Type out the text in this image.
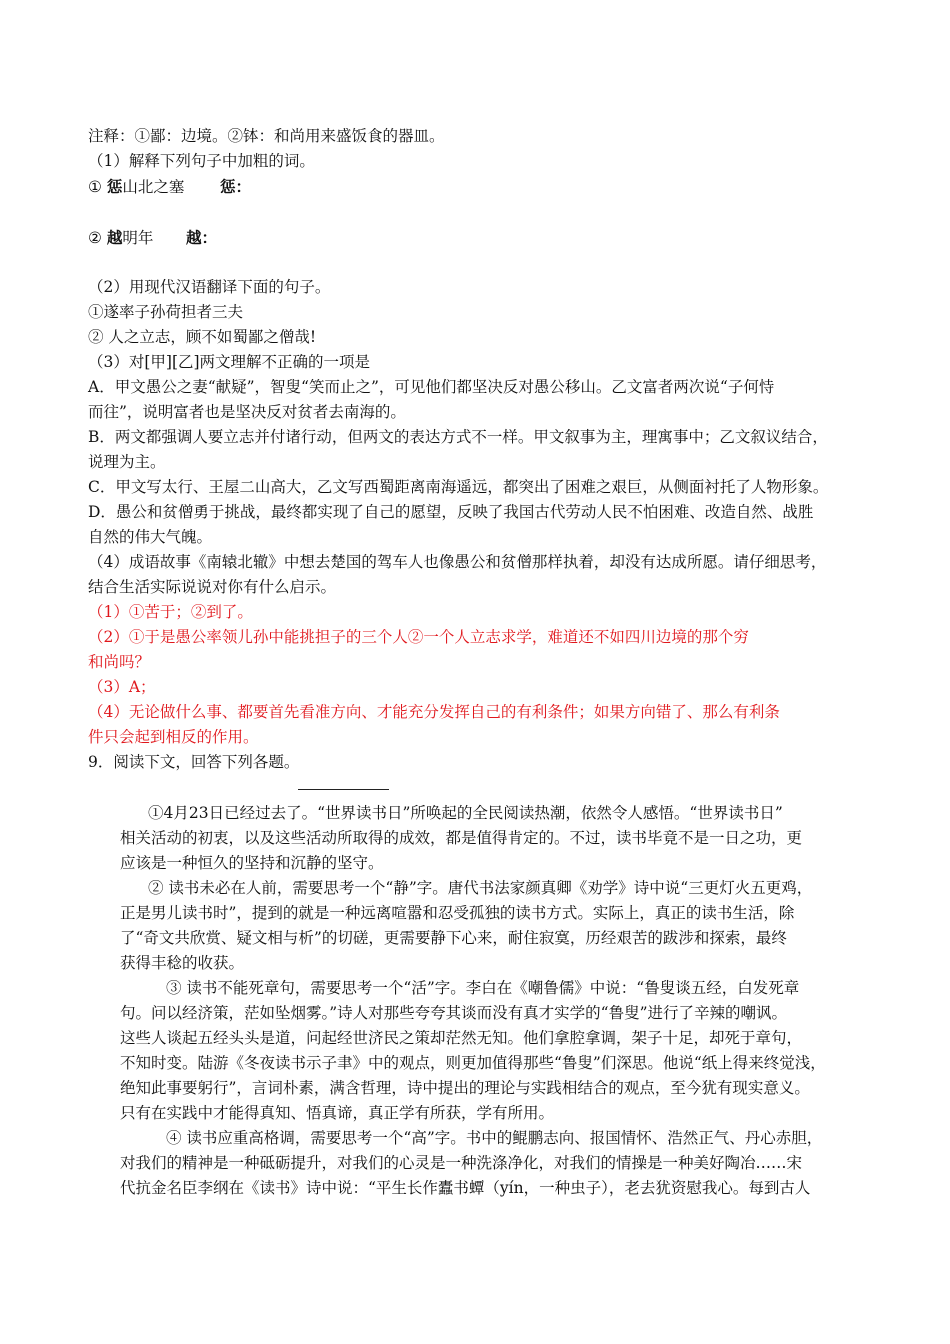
注释：①鄙：边境。②钵：和尚用来盛饭食的器皿。
（1）解释下列句子中加粗的词。
① 惩山北之塞 惩：
② 越明年 越：
（2）用现代汉语翻译下面的句子。
①遂率子孙荷担者三夫
② 人之立志，顾不如蜀鄙之僧哉!
（3）对[甲][乙]两文理解不正确的一项是
A．甲文愚公之妻“献疑”，智叟“笑而止之”，可见他们都坚决反对愚公移山。乙文富者两次说“子何恃
而往”，说明富者也是坚决反对贫者去南海的。
B．两文都强调人要立志并付诸行动，但两文的表达方式不一样。甲文叙事为主，理寓事中；乙文叙议结合，
说理为主。
C．甲文写太行、王屋二山高大，乙文写西蜀距离南海遥远，都突出了困难之艰巨，从侧面衬托了人物形象。
D．愚公和贫僧勇于挑战，最终都实现了自己的愿望，反映了我国古代劳动人民不怕困难、改造自然、战胜
自然的伟大气魄。
（4）成语故事《南辕北辙》中想去楚国的驾车人也像愚公和贫僧那样执着，却没有达成所愿。请仔细思考，
结合生活实际说说对你有什么启示。
（1）①苦于；②到了。
（2）①于是愚公率领儿孙中能挑担子的三个人②一个人立志求学，难道还不如四川边境的那个穷
和尚吗？
（3）A；
（4）无论做什么事、都要首先看准方向、才能充分发挥自己的有利条件；如果方向错了、那么有利条
件只会起到相反的作用。
9．阅读下文，回答下列各题。
①4月23日已经过去了。“世界读书日”所唤起的全民阅读热潮，依然令人感悟。“世界读书日”
相关活动的初衷，以及这些活动所取得的成效，都是值得肯定的。不过，读书毕竟不是一日之功，更
应该是一种恒久的坚持和沉静的坚守。
② 读书未必在人前，需要思考一个“静”字。唐代书法家颜真卿《劝学》诗中说“三更灯火五更鸡，
正是男儿读书时”，提到的就是一种远离喧嚣和忍受孤独的读书方式。实际上，真正的读书生活，除
了“奇文共欣赏、疑文相与析”的切磋，更需要静下心来，耐住寂寞，历经艰苦的跋涉和探索，最终
获得丰稔的收获。
③ 读书不能死章句，需要思考一个“活”字。李白在《嘲鲁儒》中说：“鲁叟谈五经，白发死章
句。问以经济策，茫如坠烟雾。”诗人对那些夸夸其谈而没有真才实学的“鲁叟”进行了辛辣的嘲讽。
这些人谈起五经头头是道，问起经世济民之策却茫然无知。他们拿腔拿调，架子十足，却死于章句，
不知时变。陆游《冬夜读书示子聿》中的观点，则更加值得那些“鲁叟”们深思。他说“纸上得来终觉浅，
绝知此事要躬行”，言词朴素，满含哲理，诗中提出的理论与实践相结合的观点，至今犹有现实意义。
只有在实践中才能得真知、悟真谛，真正学有所获，学有所用。
④ 读书应重高格调，需要思考一个“高”字。书中的鲲鹏志向、报国情怀、浩然正气、丹心赤胆，
对我们的精神是一种砥砺提升，对我们的心灵是一种洗涤净化，对我们的情操是一种美好陶冶……宋
代抗金名臣李纲在《读书》诗中说：“平生长作蠹书蟫（yín，一种虫子），老去犹资慰我心。每到古人
